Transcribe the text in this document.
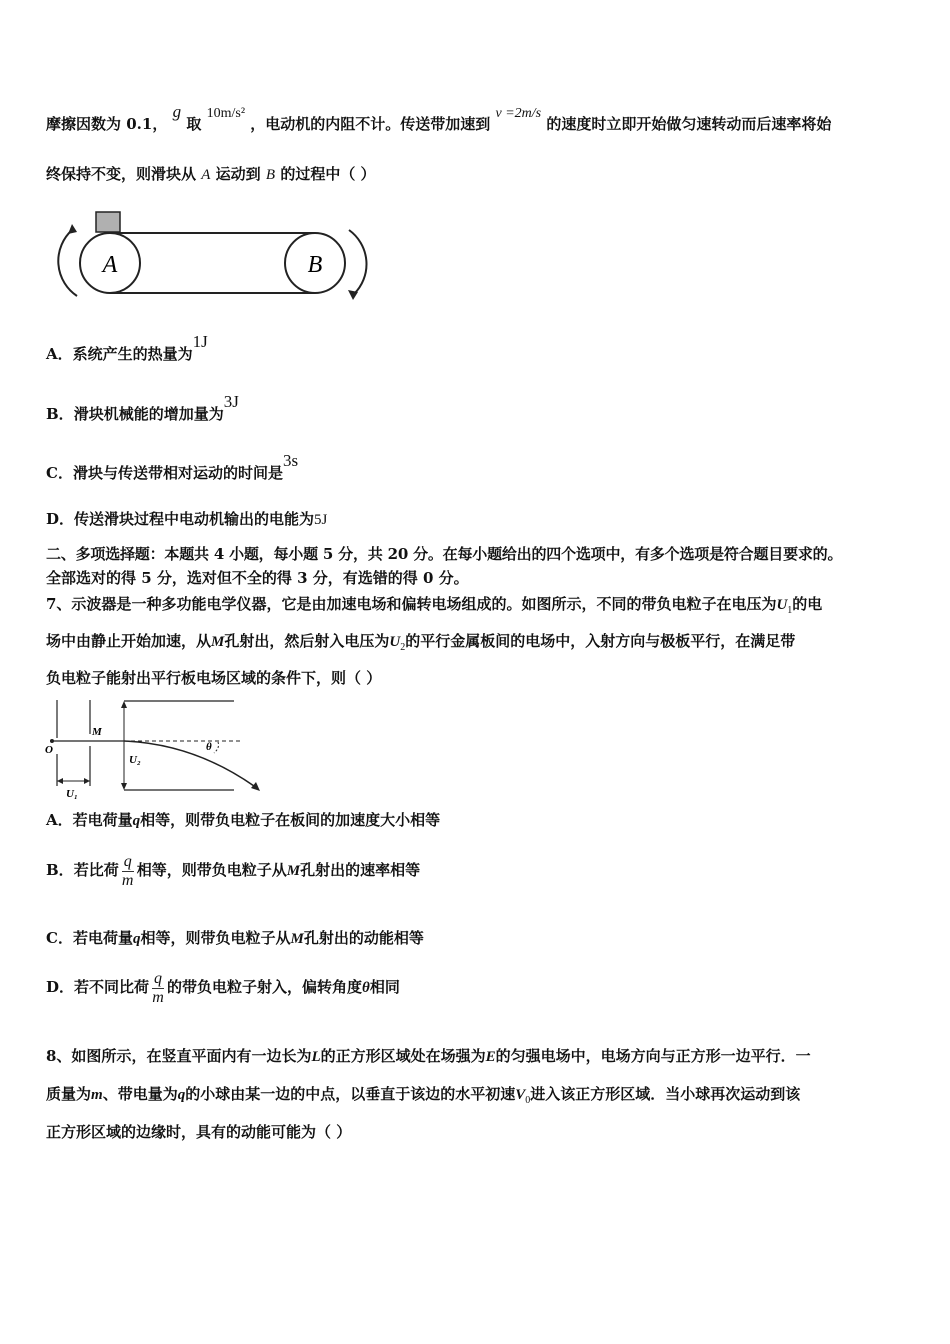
摩擦因数为 0.1， g 取 10m/s² ，电动机的内阻不计。传送带加速到 v =2m/s 的速度时立即开始做匀速转动而后速率将始
终保持不变，则滑块从 A 运动到 B 的过程中（ ）
A	B
A．系统产生的热量为1J
B．滑块机械能的增加量为3J
C．滑块与传送带相对运动的时间是3s
D．传送滑块过程中电动机输出的电能为5J
二、多项选择题：本题共 4 小题，每小题 5 分，共 20 分。在每小题给出的四个选项中，有多个选项是符合题目要求的。
全部选对的得 5 分，选对但不全的得 3 分，有选错的得 0 分。
7、示波器是一种多功能电学仪器，它是由加速电场和偏转电场组成的。如图所示，不同的带负电粒子在电压为$U_1$的电
场中由静止开始加速，从M孔射出，然后射入电压为$U_2$的平行金属板间的电场中，入射方向与极板平行，在满足带
负电粒子能射出平行板电场区域的条件下，则（ ）
M
O
U₂
θ
U₁
A．若电荷量q相等，则带负电粒子在板间的加速度大小相等
B．若比荷 $\frac{q}{m}$ 相等，则带负电粒子从M孔射出的速率相等
C．若电荷量q相等，则带负电粒子从M孔射出的动能相等
D．若不同比荷 $\frac{q}{m}$ 的带负电粒子射入，偏转角度θ相同
8、如图所示，在竖直平面内有一边长为L的正方形区域处在场强为E的匀强电场中，电场方向与正方形一边平行．一
质量为m、带电量为q的小球由某一边的中点，以垂直于该边的水平初速$V_0$进入该正方形区域．当小球再次运动到该
正方形区域的边缘时，具有的动能可能为（ ）
